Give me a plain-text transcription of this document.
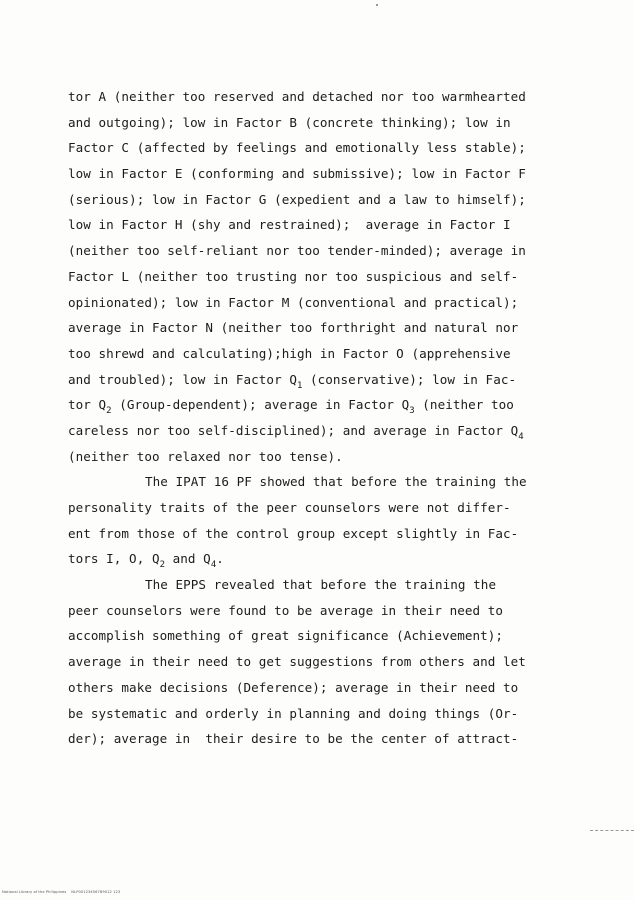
tor A (neither too reserved and detached nor too warmhearted
and outgoing); low in Factor B (concrete thinking); low in
Factor C (affected by feelings and emotionally less stable);
low in Factor E (conforming and submissive); low in Factor F
(serious); low in Factor G (expedient and a law to himself);
low in Factor H (shy and restrained);  average in Factor I
(neither too self-reliant nor too tender-minded); average in
Factor L (neither too trusting nor too suspicious and self-
opinionated); low in Factor M (conventional and practical);
average in Factor N (neither too forthright and natural nor
too shrewd and calculating);high in Factor O (apprehensive
and troubled); low in Factor $Q_1$ (conservative); low in Fac-
tor $Q_2$ (Group-dependent); average in Factor $Q_3$ (neither too
careless nor too self-disciplined); and average in Factor $Q_4$
(neither too relaxed nor too tense).
The IPAT 16 PF showed that before the training the
personality traits of the peer counselors were not differ-
ent from those of the control group except slightly in Fac-
tors I, O, $Q_2$ and $Q_4$.
The EPPS revealed that before the training the
peer counselors were found to be average in their need to
accomplish something of great significance (Achievement);
average in their need to get suggestions from others and let
others make decisions (Deference); average in their need to
be systematic and orderly in planning and doing things (Or-
der); average in  their desire to be the center of attract-
National Library of the Philippines    NLP00123456789012 123
